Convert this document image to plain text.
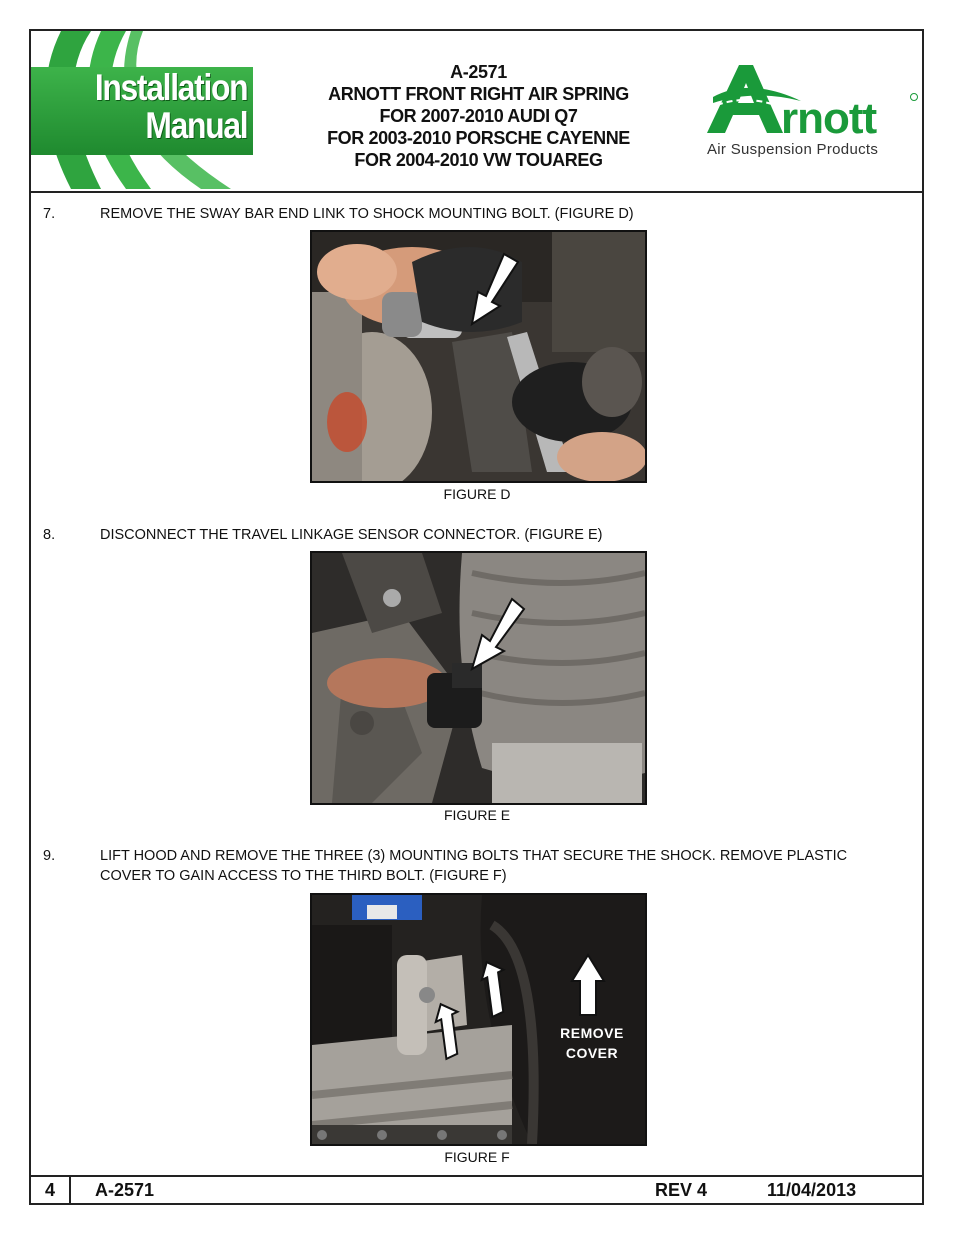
Installation
Manual
A-2571
ARNOTT FRONT RIGHT AIR SPRING
FOR 2007-2010 AUDI Q7
FOR 2003-2010 PORSCHE CAYENNE
FOR 2004-2010 VW TOUAREG
rnott
Air Suspension Products
7.	REMOVE THE SWAY BAR END LINK TO SHOCK MOUNTING BOLT. (FIGURE D)
FIGURE D
8.	DISCONNECT THE TRAVEL LINKAGE SENSOR CONNECTOR. (FIGURE E)
FIGURE E
9.	LIFT HOOD AND REMOVE THE THREE (3) MOUNTING BOLTS THAT SECURE THE SHOCK. REMOVE PLASTIC COVER TO GAIN ACCESS TO THE THIRD BOLT. (FIGURE F)
REMOVE
COVER
FIGURE F
4	A-2571	REV 4	11/04/2013
